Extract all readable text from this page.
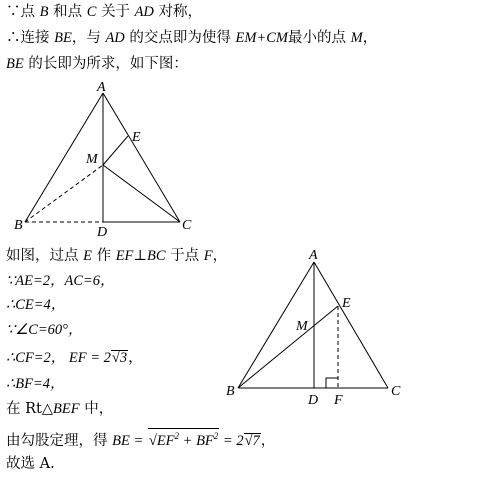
∵点 B 和点 C 关于 AD 对称，
∴连接 BE，与 AD 的交点即为使得 EM+CM最小的点 M，
BE 的长即为所求，如下图：
A
E
M
B	C
D
如图，过点 E 作 EF⊥BC 于点 F，
∵AE=2，AC=6，
∴CE=4，
∵∠C=60°，
∴CF=2， EF = 2√3，
∴BF=4，
在 Rt△BEF 中，
由勾股定理，得 BE = $√EF^2 + BF^2 = 2√7$，
故选 A.
A
E
M
B	C
D F
